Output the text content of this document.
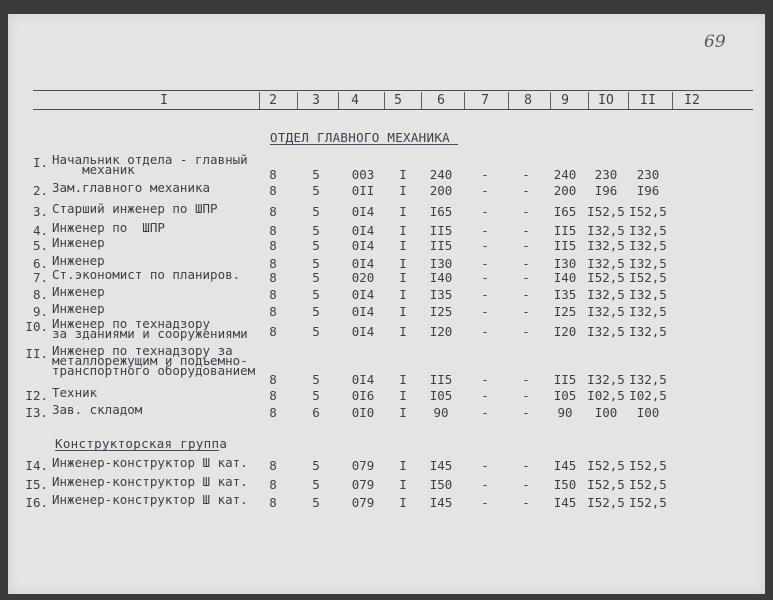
69
I	2	3	4	5	6	7	8	9	IO	II	I2
ОТДЕЛ ГЛАВНОГО МЕХАНИКА
Конструкторская группа
I. Начальник отдела - главный
механик	8	5	003	I	240	-	-	240	230	230
2. Зам.главного механика	8	5	0II	I	200	-	-	200	I96	I96
3. Старший инженер по ШПР	8	5	0I4	I	I65	-	-	I65 I52,5 I52,5
4. Инженер по  ШПР	8	5	0I4	I	II5	-	-	II5 I32,5 I32,5
5. Инженер	8	5	0I4	I	II5	-	-	II5 I32,5 I32,5
6. Инженер	8	5	0I4	I	I30	-	-	I30 I32,5 I32,5
7. Ст.экономист по планиров.	8	5	020	I	I40	-	-	I40 I52,5 I52,5
8. Инженер	8	5	0I4	I	I35	-	-	I35 I32,5 I32,5
9. Инженер	8	5	0I4	I	I25	-	-	I25 I32,5 I32,5
I0. Инженер по технадзору
за зданиями и сооружениями	8	5	0I4	I	I20	-	-	I20 I32,5 I32,5
II. Инженер по технадзору за
металлорежущим и подъемно-
транспортного оборудованием
8	5	0I4	I	II5	-	-	II5 I32,5 I32,5
I2. Техник	8	5	0I6	I	I05	-	-	I05 I02,5 I02,5
I3. Зав. складом	8	6	0I0	I	90	-	-	90	I00	I00
I4. Инженер-конструктор Ш кат.	8	5	079	I	I45	-	-	I45 I52,5 I52,5
I5. Инженер-конструктор Ш кат.	8	5	079	I	I50	-	-	I50 I52,5 I52,5
I6. Инженер-конструктор Ш кат.	8	5	079	I	I45	-	-	I45 I52,5 I52,5
